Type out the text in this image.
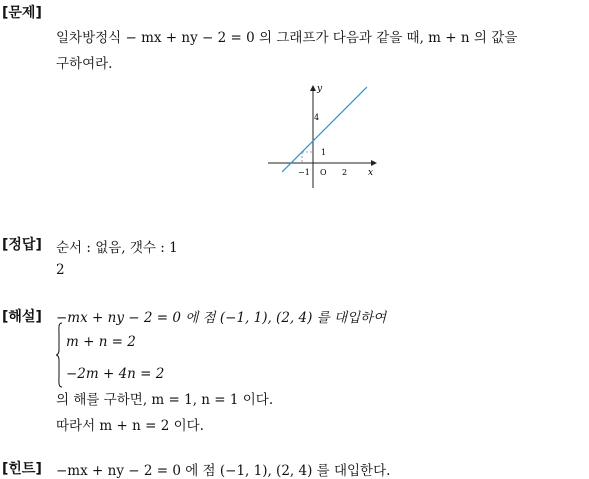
[문제]
일차방정식 − mx + ny − 2 = 0 의 그래프가 다음과 같을 때, m + n 의 값을
구하여라.
y
x
4
1
−1 O 2
[정답] 순서 : 없음, 갯수 : 1
2
[해설] −mx + ny − 2 = 0 에 점 (−1, 1), (2, 4) 를 대입하여
m + n = 2
−2m + 4n = 2
의 해를 구하면, m = 1, n = 1 이다.
따라서 m + n = 2 이다.
[힌트] −mx + ny − 2 = 0 에 점 (−1, 1), (2, 4) 를 대입한다.
